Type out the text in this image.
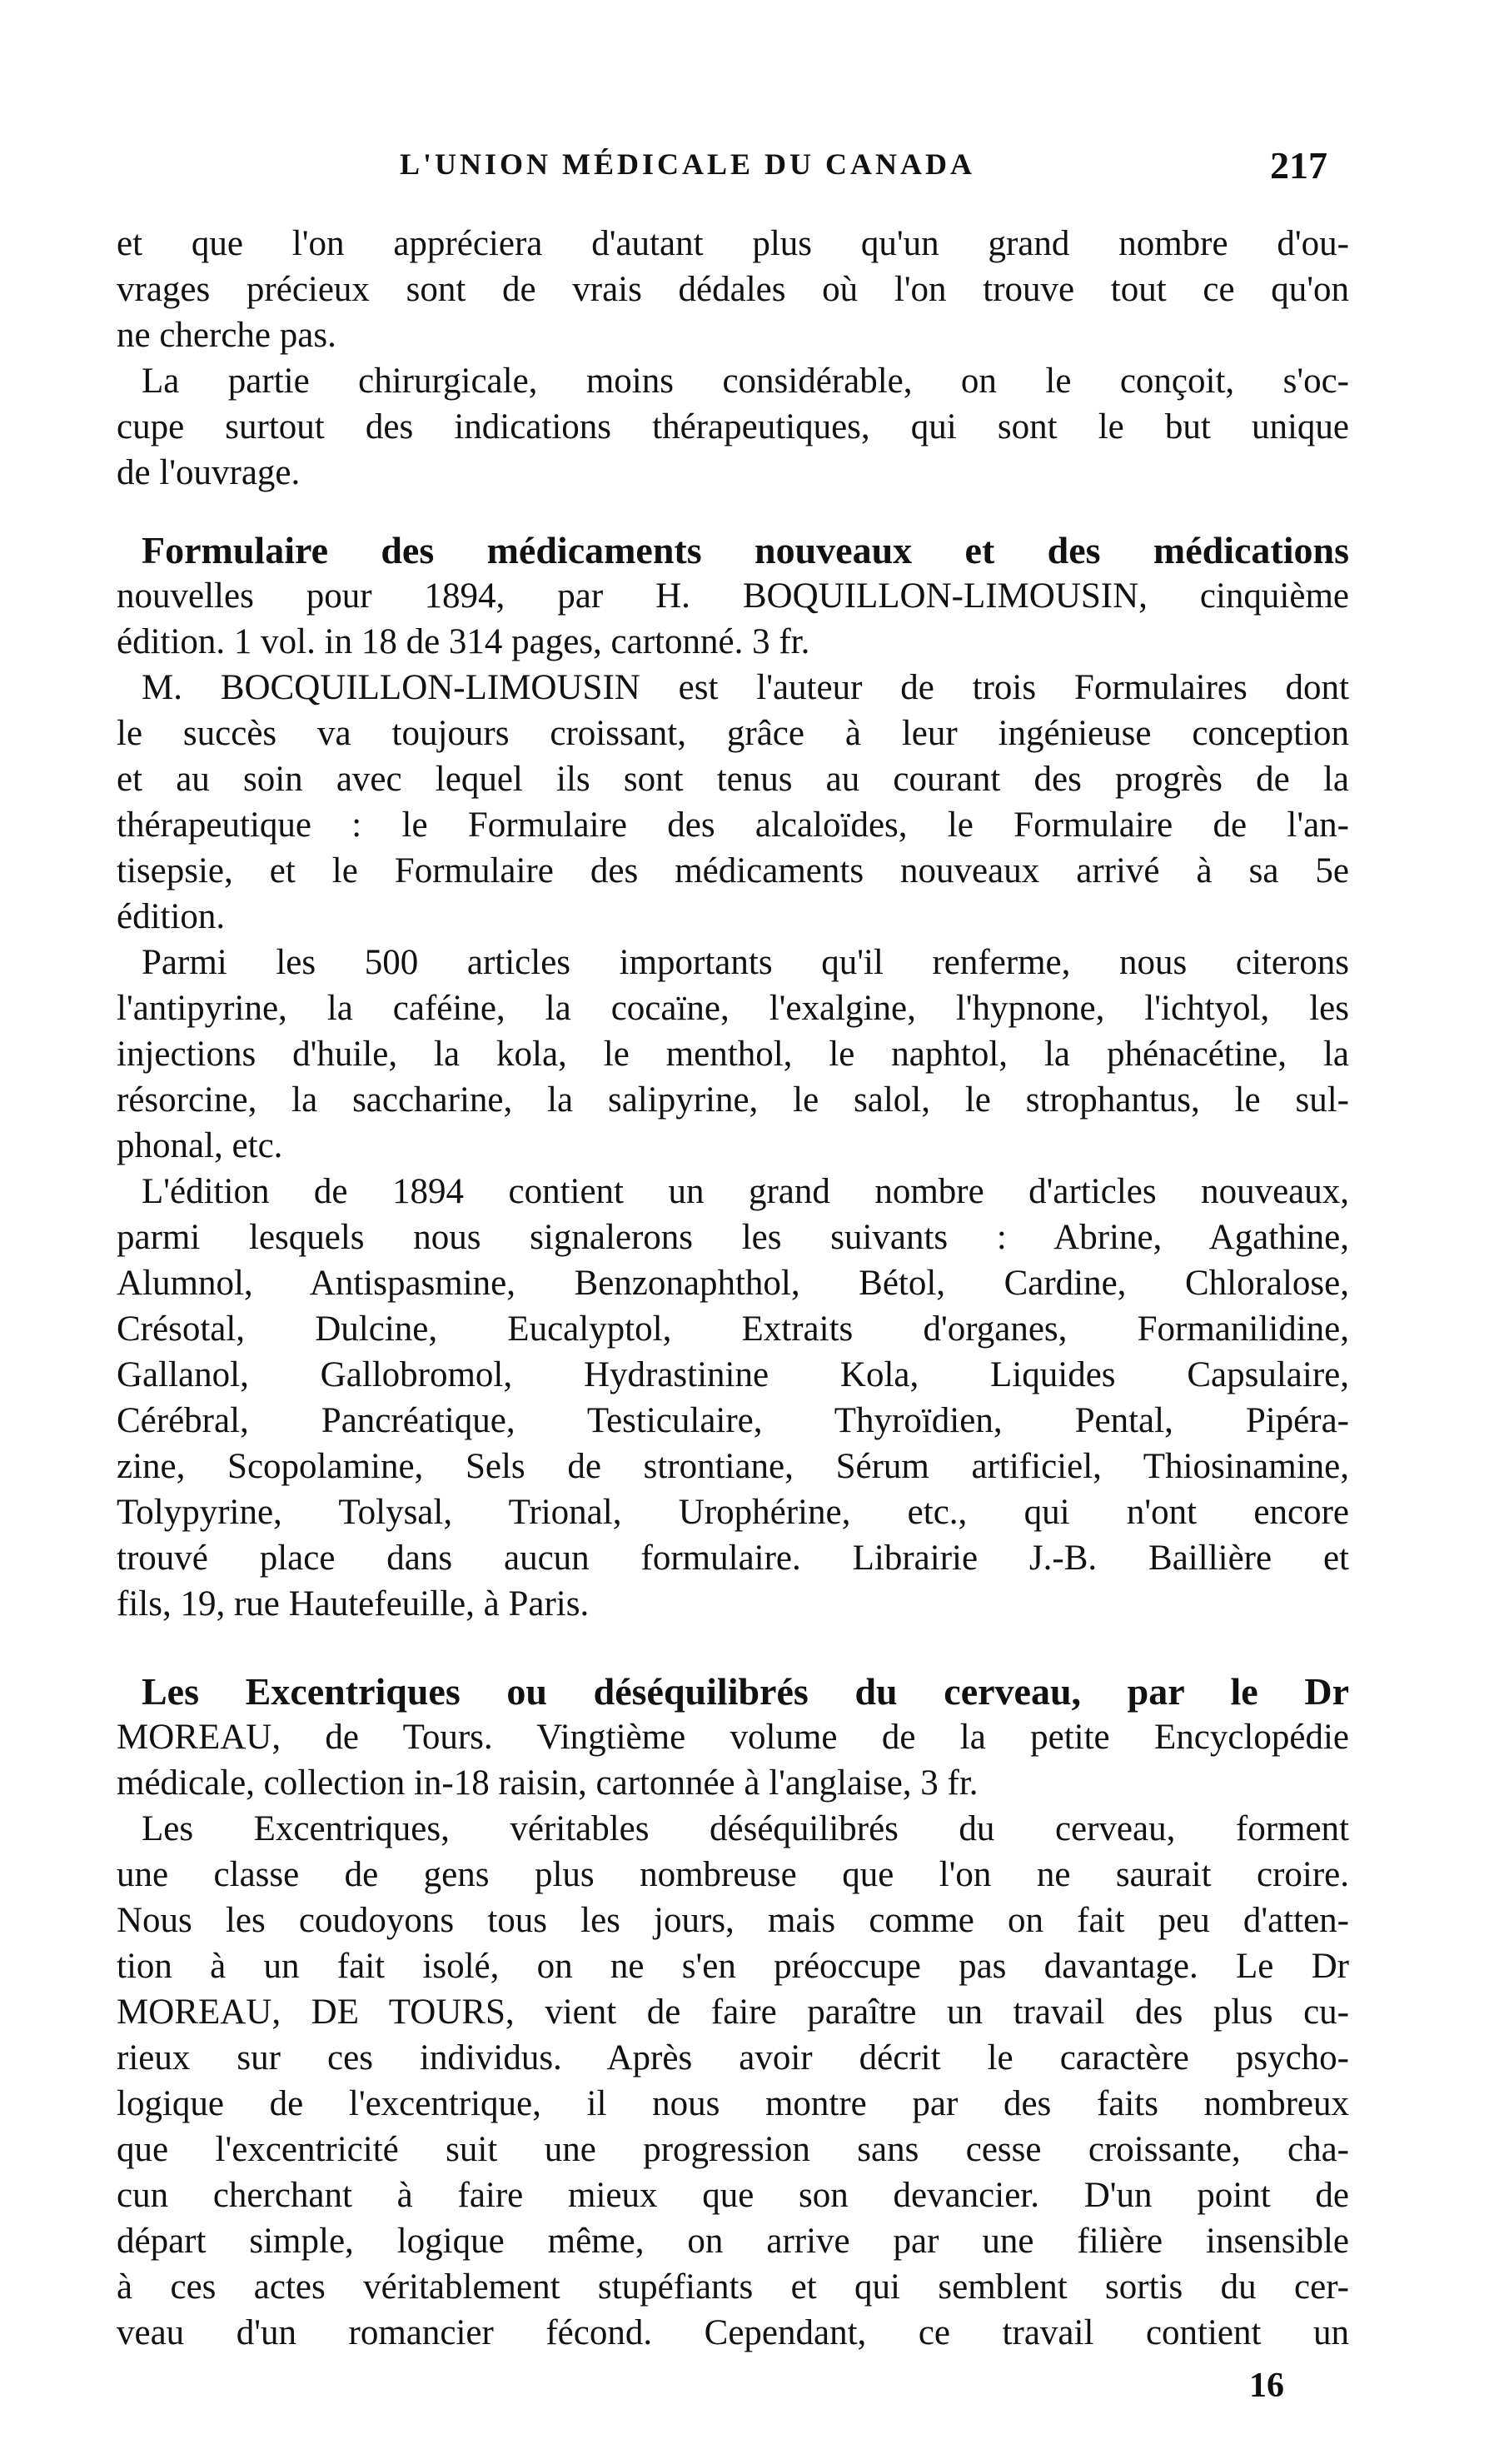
L'UNION MÉDICALE DU CANADA	217
et que l'on appréciera d'autant plus qu'un grand nombre d'ou-
vrages précieux sont de vrais dédales où l'on trouve tout ce qu'on
ne cherche pas.
La partie chirurgicale, moins considérable, on le conçoit, s'oc-
cupe surtout des indications thérapeutiques, qui sont le but unique
de l'ouvrage.
Formulaire des médicaments nouveaux et des médications
nouvelles pour 1894, par H. BOQUILLON-LIMOUSIN, cinquième
édition. 1 vol. in 18 de 314 pages, cartonné. 3 fr.
M. BOCQUILLON-LIMOUSIN est l'auteur de trois Formulaires dont
le succès va toujours croissant, grâce à leur ingénieuse conception
et au soin avec lequel ils sont tenus au courant des progrès de la
thérapeutique : le Formulaire des alcaloïdes, le Formulaire de l'an-
tisepsie, et le Formulaire des médicaments nouveaux arrivé à sa 5e
édition.
Parmi les 500 articles importants qu'il renferme, nous citerons
l'antipyrine, la caféine, la cocaïne, l'exalgine, l'hypnone, l'ichtyol, les
injections d'huile, la kola, le menthol, le naphtol, la phénacétine, la
résorcine, la saccharine, la salipyrine, le salol, le strophantus, le sul-
phonal, etc.
L'édition de 1894 contient un grand nombre d'articles nouveaux,
parmi lesquels nous signalerons les suivants : Abrine, Agathine,
Alumnol, Antispasmine, Benzonaphthol, Bétol, Cardine, Chloralose,
Crésotal, Dulcine, Eucalyptol, Extraits d'organes, Formanilidine,
Gallanol, Gallobromol, Hydrastinine Kola, Liquides Capsulaire,
Cérébral, Pancréatique, Testiculaire, Thyroïdien, Pental, Pipéra-
zine, Scopolamine, Sels de strontiane, Sérum artificiel, Thiosinamine,
Tolypyrine, Tolysal, Trional, Urophérine, etc., qui n'ont encore
trouvé place dans aucun formulaire. Librairie J.-B. Baillière et
fils, 19, rue Hautefeuille, à Paris.
Les Excentriques ou déséquilibrés du cerveau, par le Dr
MOREAU, de Tours. Vingtième volume de la petite Encyclopédie
médicale, collection in-18 raisin, cartonnée à l'anglaise, 3 fr.
Les Excentriques, véritables déséquilibrés du cerveau, forment
une classe de gens plus nombreuse que l'on ne saurait croire.
Nous les coudoyons tous les jours, mais comme on fait peu d'atten-
tion à un fait isolé, on ne s'en préoccupe pas davantage. Le Dr
MOREAU, DE TOURS, vient de faire paraître un travail des plus cu-
rieux sur ces individus. Après avoir décrit le caractère psycho-
logique de l'excentrique, il nous montre par des faits nombreux
que l'excentricité suit une progression sans cesse croissante, cha-
cun cherchant à faire mieux que son devancier. D'un point de
départ simple, logique même, on arrive par une filière insensible
à ces actes véritablement stupéfiants et qui semblent sortis du cer-
veau d'un romancier fécond. Cependant, ce travail contient un
16
